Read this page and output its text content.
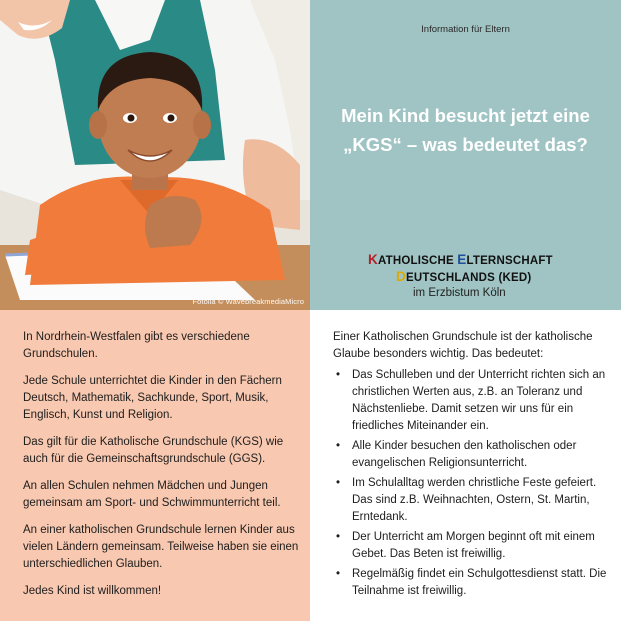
Fotolia © WavebreakmediaMicro
Information für Eltern
Mein Kind besucht jetzt eine
„KGS“ – was bedeutet das?
KATHOLISCHE ELTERNSCHAFT
DEUTSCHLANDS (KED)
im Erzbistum Köln

In Nordrhein-Westfalen gibt es verschiedene Grundschulen.

Jede Schule unterrichtet die Kinder in den Fächern Deutsch, Mathematik, Sachkunde, Sport, Musik, Englisch, Kunst und Religion.

Das gilt für die Katholische Grundschule (KGS) wie auch für die Gemeinschaftsgrundschule (GGS).

An allen Schulen nehmen Mädchen und Jungen gemeinsam am Sport- und Schwimmunterricht teil.

An einer katholischen Grundschule lernen Kinder aus vielen Ländern gemeinsam. Teilweise haben sie einen unterschiedlichen Glauben.

Jedes Kind ist willkommen!

Einer Katholischen Grundschule ist der katholische Glaube besonders wichtig. Das bedeutet:

• Das Schulleben und der Unterricht richten sich an christlichen Werten aus, z.B. an Toleranz und Nächstenliebe. Damit setzen wir uns für ein friedliches Miteinander ein.
• Alle Kinder besuchen den katholischen oder evangelischen Religionsunterricht.
• Im Schulalltag werden christliche Feste gefeiert. Das sind z.B. Weihnachten, Ostern, St. Martin, Erntedank.
• Der Unterricht am Morgen beginnt oft mit einem Gebet. Das Beten ist freiwillig.
• Regelmäßig findet ein Schulgottesdienst statt. Die Teilnahme ist freiwillig.
